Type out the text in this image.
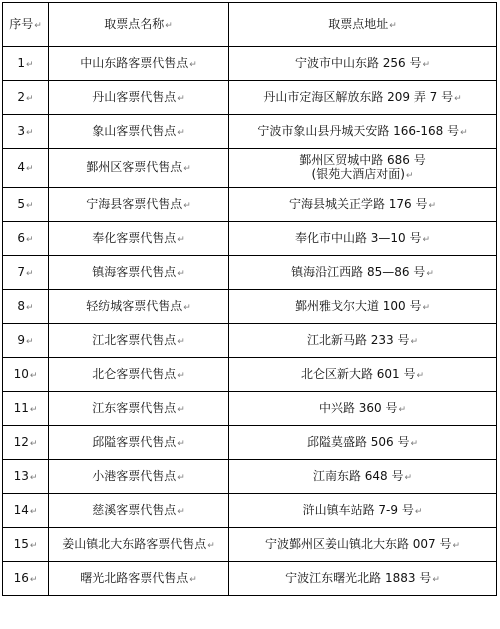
序号↵	取票点名称↵	取票点地址↵
1↵	中山东路客票代售点↵	宁波市中山东路 256 号↵
2↵	丹山客票代售点↵	丹山市定海区解放东路 209 弄 7 号↵
3↵	象山客票代售点↵	宁波市象山县丹城天安路 166-168 号↵
4↵	鄞州区客票代售点↵	鄞州区贸城中路 686 号
(银苑大酒店对面)↵

5↵	宁海县客票代售点↵	宁海县城关正学路 176 号↵
6↵	奉化客票代售点↵	奉化市中山路 3—10 号↵
7↵	镇海客票代售点↵	镇海沿江西路 85—86 号↵
8↵	轻纺城客票代售点↵	鄞州雅戈尔大道 100 号↵
9↵	江北客票代售点↵	江北新马路 233 号↵
10↵	北仑客票代售点↵	北仑区新大路 601 号↵
11↵	江东客票代售点↵	中兴路 360 号↵
12↵	邱隘客票代售点↵	邱隘莫盛路 506 号↵
13↵	小港客票代售点↵	江南东路 648 号↵
14↵	慈溪客票代售点↵	浒山镇车站路 7-9 号↵
15↵	姜山镇北大东路客票代售点↵	宁波鄞州区姜山镇北大东路 007 号↵
16↵	曙光北路客票代售点↵	宁波江东曙光北路 1883 号↵
